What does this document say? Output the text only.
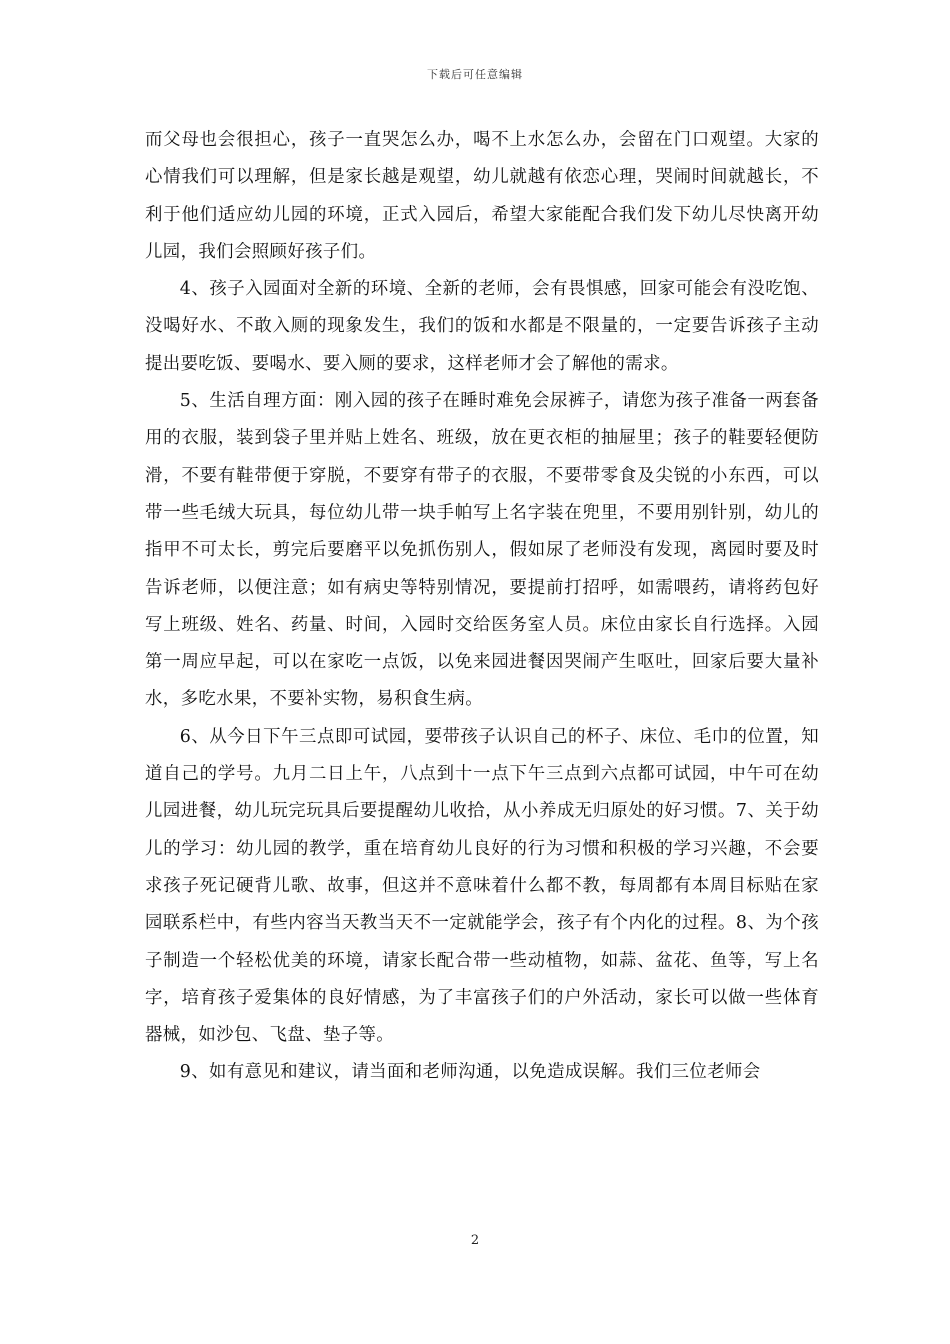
下载后可任意编辑

而父母也会很担心，孩子一直哭怎么办，喝不上水怎么办，会留在门口观望。大家的心情我们可以理解，但是家长越是观望，幼儿就越有依恋心理，哭闹时间就越长，不利于他们适应幼儿园的环境，正式入园后，希望大家能配合我们发下幼儿尽快离开幼儿园，我们会照顾好孩子们。

4、孩子入园面对全新的环境、全新的老师，会有畏惧感，回家可能会有没吃饱、没喝好水、不敢入厕的现象发生，我们的饭和水都是不限量的，一定要告诉孩子主动提出要吃饭、要喝水、要入厕的要求，这样老师才会了解他的需求。

5、生活自理方面：刚入园的孩子在睡时难免会尿裤子，请您为孩子准备一两套备用的衣服，装到袋子里并贴上姓名、班级，放在更衣柜的抽屉里；孩子的鞋要轻便防滑，不要有鞋带便于穿脱，不要穿有带子的衣服，不要带零食及尖锐的小东西，可以带一些毛绒大玩具，每位幼儿带一块手帕写上名字装在兜里，不要用别针别，幼儿的指甲不可太长，剪完后要磨平以免抓伤别人，假如尿了老师没有发现，离园时要及时告诉老师，以便注意；如有病史等特别情况，要提前打招呼，如需喂药，请将药包好写上班级、姓名、药量、时间，入园时交给医务室人员。床位由家长自行选择。入园第一周应早起，可以在家吃一点饭，以免来园进餐因哭闹产生呕吐，回家后要大量补水，多吃水果，不要补实物，易积食生病。

6、从今日下午三点即可试园，要带孩子认识自己的杯子、床位、毛巾的位置，知道自己的学号。九月二日上午，八点到十一点下午三点到六点都可试园，中午可在幼儿园进餐，幼儿玩完玩具后要提醒幼儿收拾，从小养成无归原处的好习惯。7、关于幼儿的学习：幼儿园的教学，重在培育幼儿良好的行为习惯和积极的学习兴趣，不会要求孩子死记硬背儿歌、故事，但这并不意味着什么都不教，每周都有本周目标贴在家园联系栏中，有些内容当天教当天不一定就能学会，孩子有个内化的过程。8、为个孩子制造一个轻松优美的环境，请家长配合带一些动植物，如蒜、盆花、鱼等，写上名字，培育孩子爱集体的良好情感，为了丰富孩子们的户外活动，家长可以做一些体育器械，如沙包、飞盘、垫子等。

9、如有意见和建议，请当面和老师沟通，以免造成误解。我们三位老师会

2
